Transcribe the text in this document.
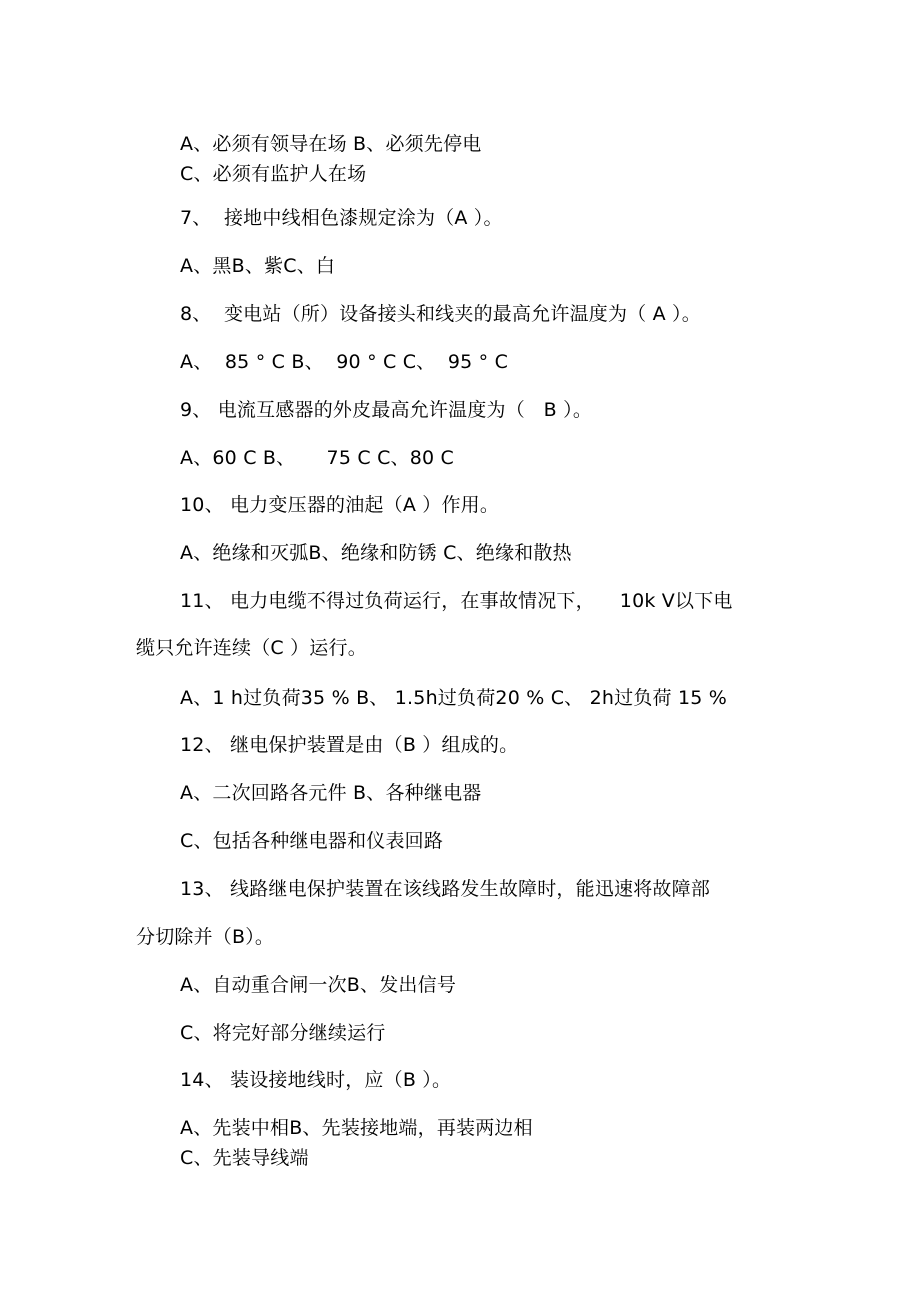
A、必须有领导在场 B、必须先停电
C、必须有监护人在场
7、  接地中线相色漆规定涂为（A ）。
A、黑B、紫C、白
8、  变电站（所）设备接头和线夹的最高允许温度为（ A ）。
A、  85 ° C B、  90 ° C C、  95 ° C
9、 电流互感器的外皮最高允许温度为（   B ）。
A、60 C B、     75 C C、80 C
10、 电力变压器的油起（A ）作用。
A、绝缘和灭弧B、绝缘和防锈 C、绝缘和散热
11、 电力电缆不得过负荷运行，在事故情况下，    10k V以下电
缆只允许连续（C ）运行。
A、1 h过负荷35 % B、 1.5h过负荷20 % C、 2h过负荷 15 %
12、 继电保护装置是由（B ）组成的。
A、二次回路各元件 B、各种继电器
C、包括各种继电器和仪表回路
13、 线路继电保护装置在该线路发生故障时，能迅速将故障部
分切除并（B）。
A、自动重合闸一次B、发出信号
C、将完好部分继续运行
14、 装设接地线时，应（B ）。
A、先装中相B、先装接地端，再装两边相
C、先装导线端
